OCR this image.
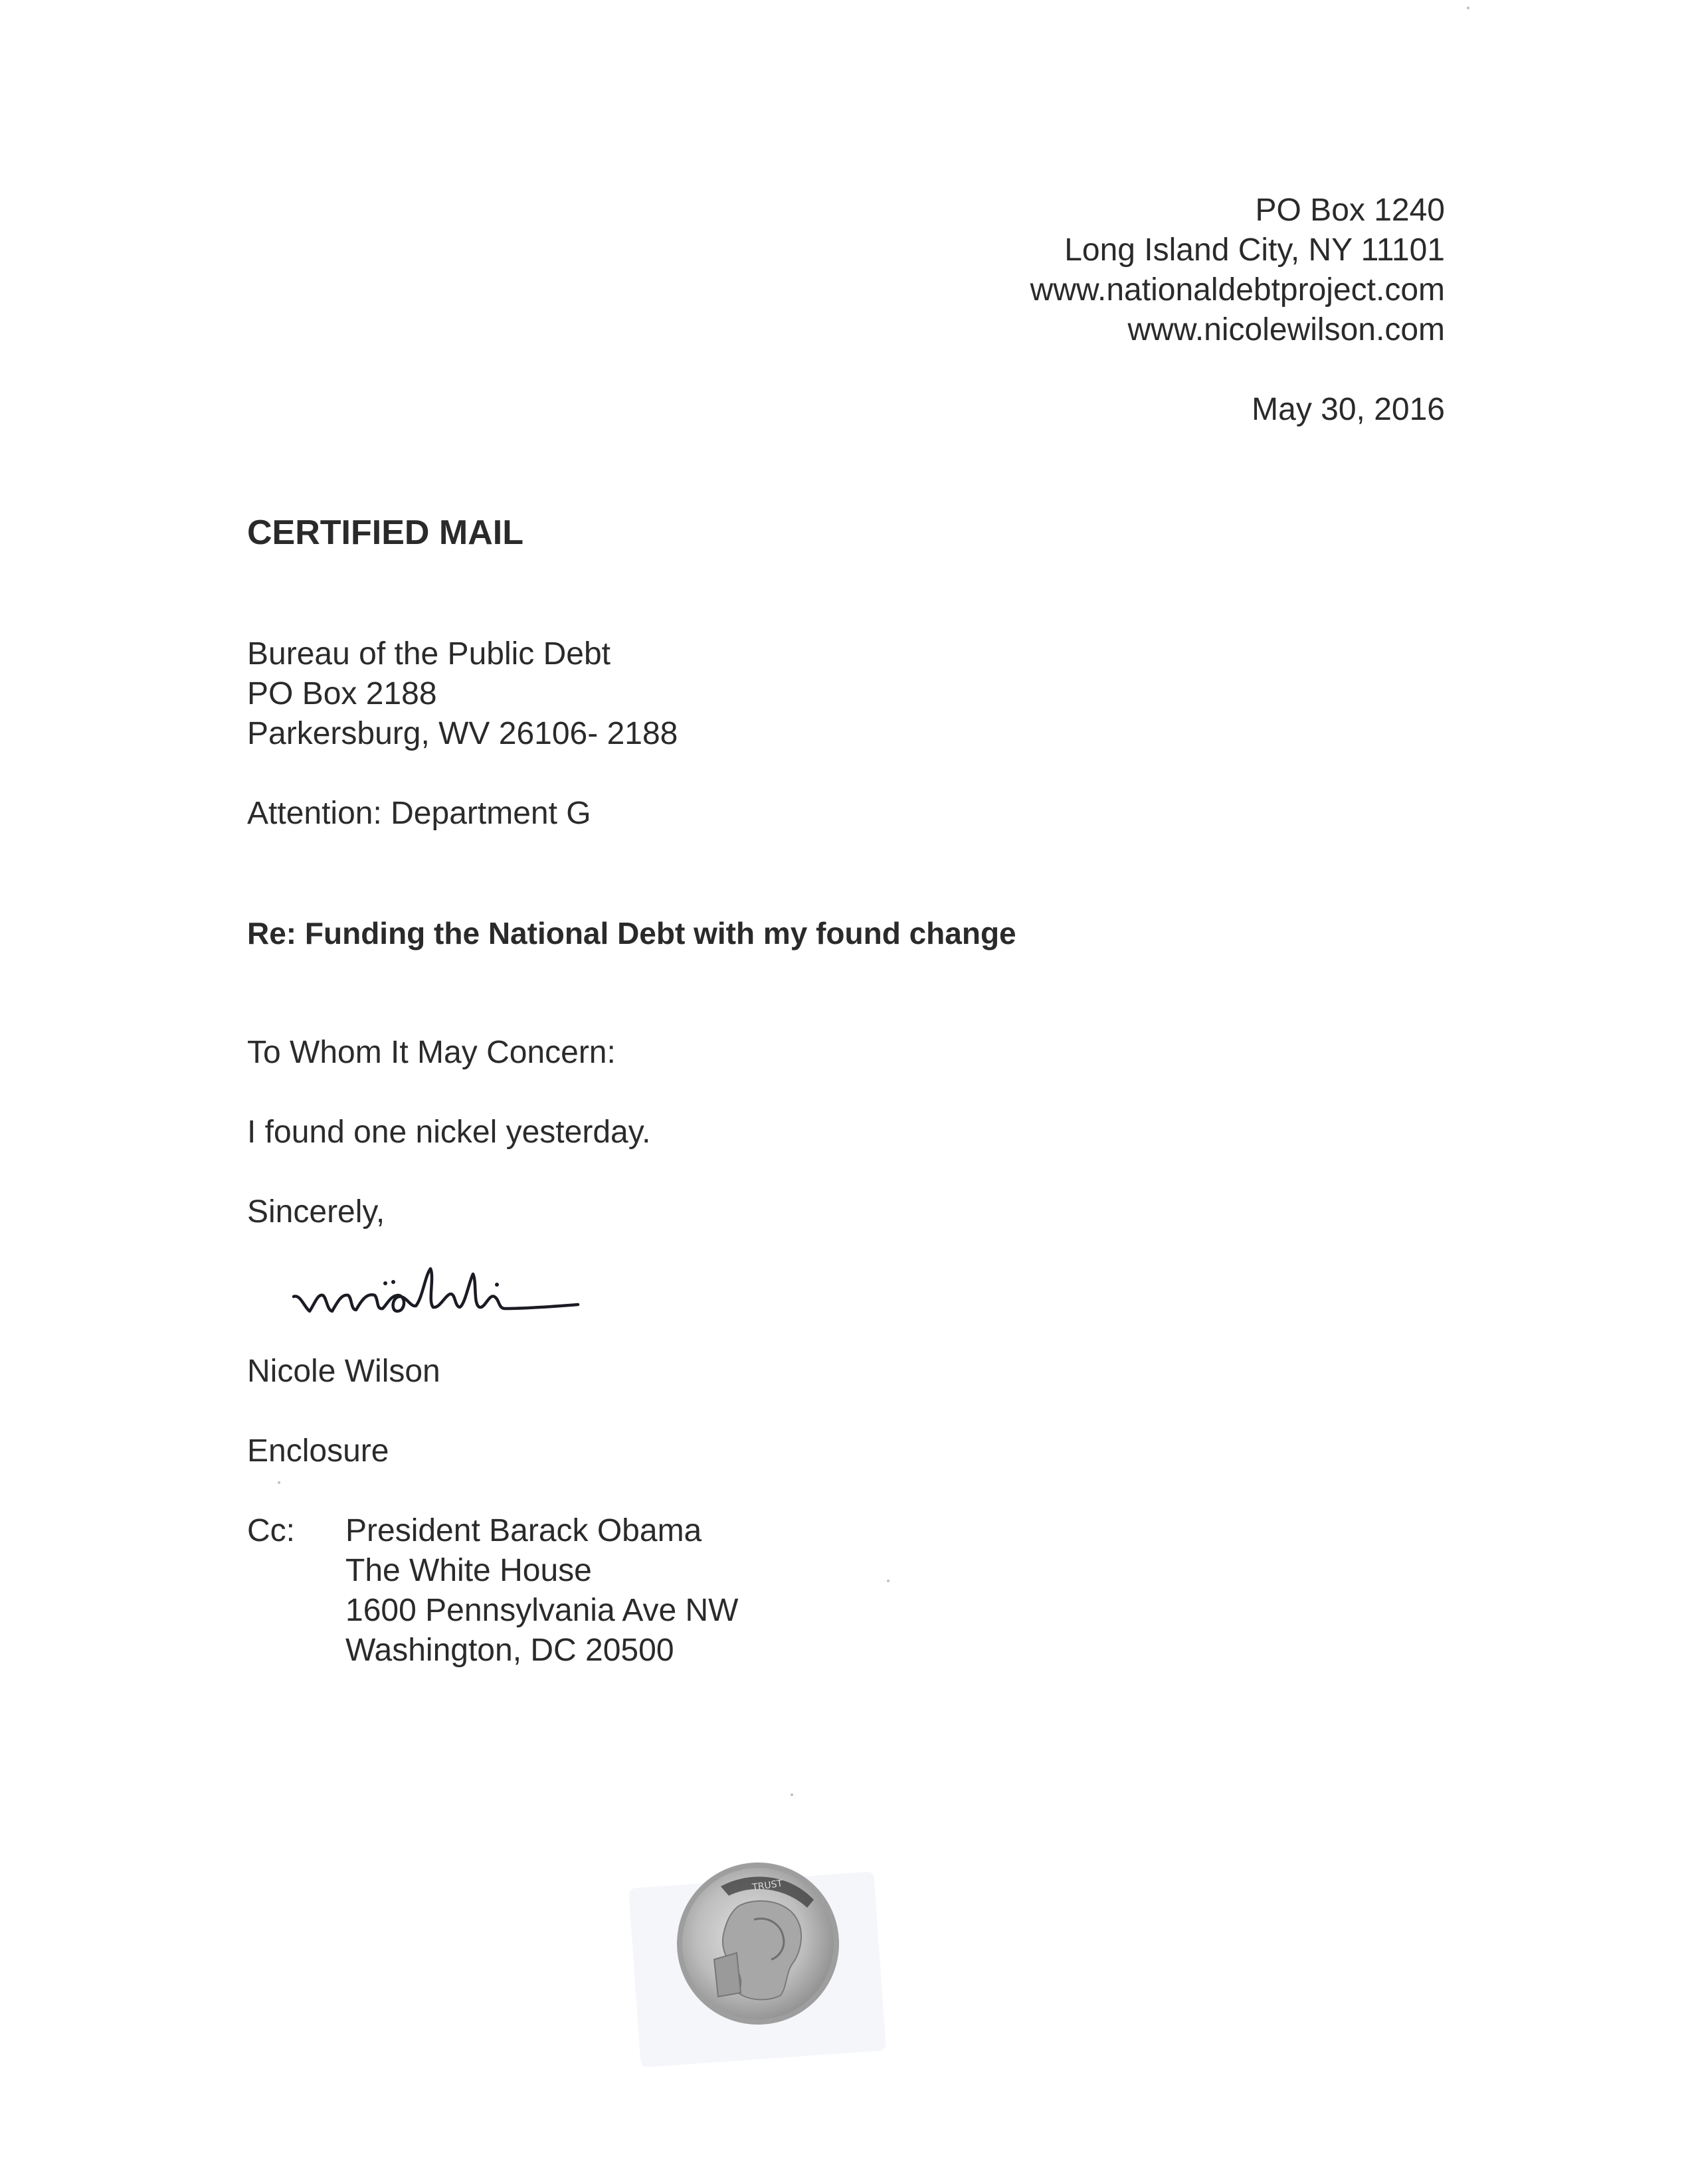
PO Box 1240
Long Island City, NY 11101
www.nationaldebtproject.com
www.nicolewilson.com
May 30, 2016
CERTIFIED MAIL
Bureau of the Public Debt
PO Box 2188
Parkersburg, WV 26106- 2188
Attention: Department G
Re: Funding the National Debt with my found change
To Whom It May Concern:
I found one nickel yesterday.
Sincerely,
Nicole Wilson
Enclosure
Cc: President Barack Obama
The White House
1600 Pennsylvania Ave NW
Washington, DC 20500
TRUST
